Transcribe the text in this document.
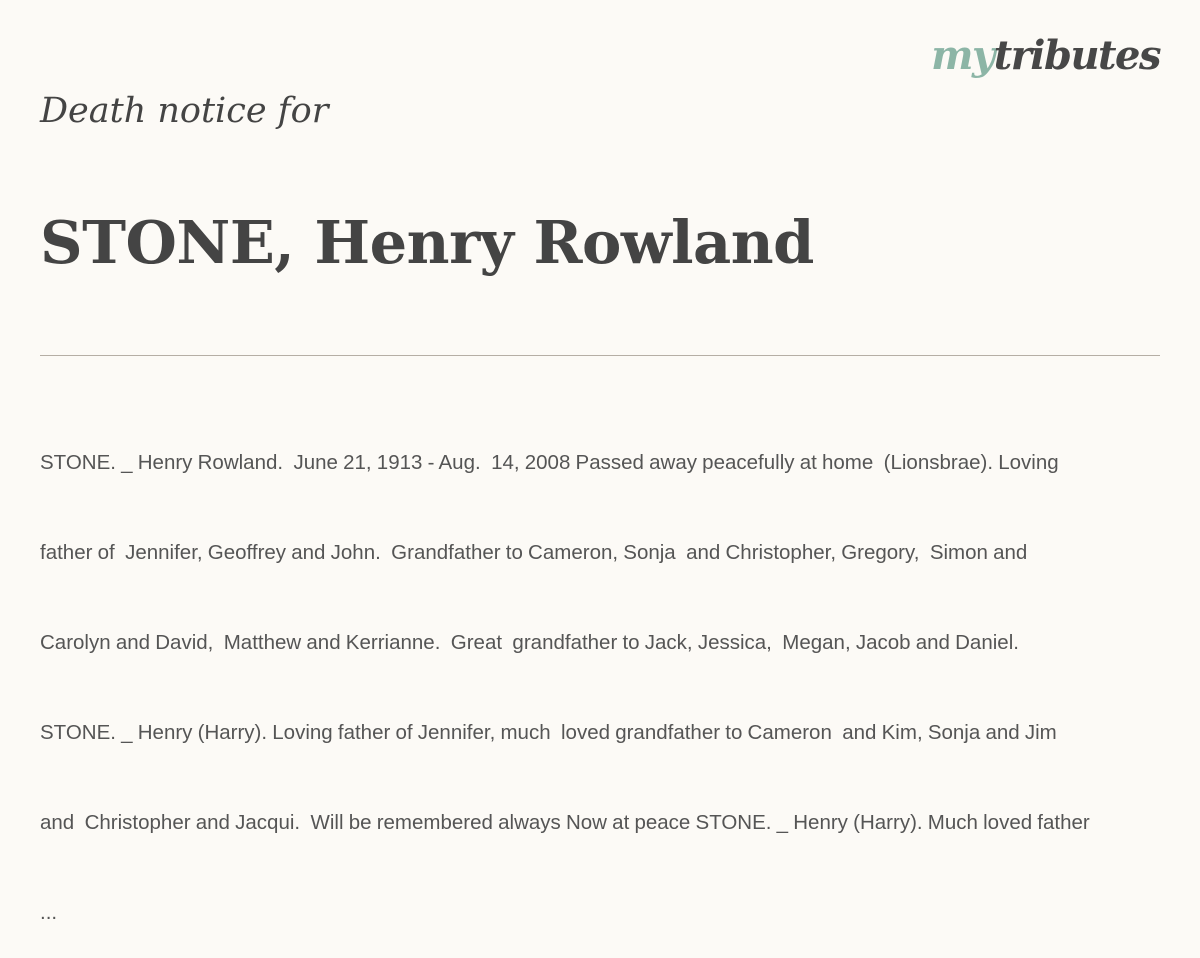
mytributes
Death notice for
STONE, Henry Rowland

STONE. _ Henry Rowland.  June 21, 1913 - Aug.  14, 2008 Passed away peacefully at home  (Lionsbrae). Loving

father of  Jennifer, Geoffrey and John.  Grandfather to Cameron, Sonja  and Christopher, Gregory,  Simon and

Carolyn and David,  Matthew and Kerrianne.  Great  grandfather to Jack, Jessica,  Megan, Jacob and Daniel.

STONE. _ Henry (Harry). Loving father of Jennifer, much  loved grandfather to Cameron  and Kim, Sonja and Jim

and  Christopher and Jacqui.  Will be remembered always Now at peace STONE. _ Henry (Harry). Much loved father

...
